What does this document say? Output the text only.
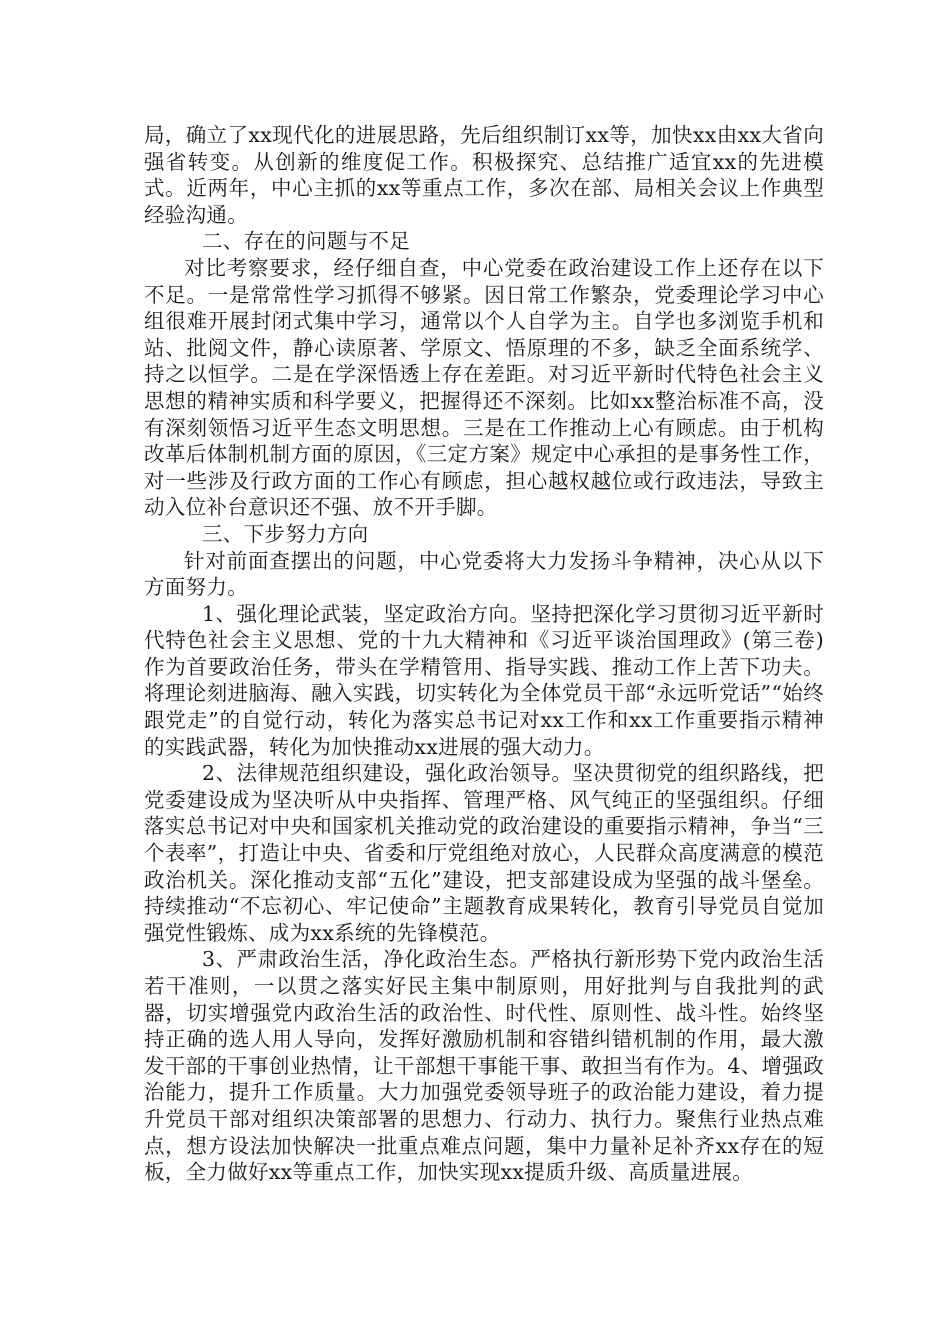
局，确立了xx现代化的进展思路，先后组织制订xx等，加快xx由xx大省向强省转变。从创新的维度促工作。积极探究、总结推广适宜xx的先进模式。近两年，中心主抓的xx等重点工作，多次在部、局相关会议上作典型经验沟通。

二、存在的问题与不足

对比考察要求，经仔细自查，中心党委在政治建设工作上还存在以下不足。一是常常性学习抓得不够紧。因日常工作繁杂，党委理论学习中心组很难开展封闭式集中学习，通常以个人自学为主。自学也多浏览手机和站、批阅文件，静心读原著、学原文、悟原理的不多，缺乏全面系统学、持之以恒学。二是在学深悟透上存在差距。对习近平新时代特色社会主义思想的精神实质和科学要义，把握得还不深刻。比如xx整治标准不高，没有深刻领悟习近平生态文明思想。三是在工作推动上心有顾虑。由于机构改革后体制机制方面的原因，《三定方案》规定中心承担的是事务性工作，对一些涉及行政方面的工作心有顾虑，担心越权越位或行政违法，导致主动入位补台意识还不强、放不开手脚。

三、下步努力方向

针对前面查摆出的问题，中心党委将大力发扬斗争精神，决心从以下方面努力。

1、强化理论武装，坚定政治方向。坚持把深化学习贯彻习近平新时代特色社会主义思想、党的十九大精神和《习近平谈治国理政》(第三卷)作为首要政治任务，带头在学精管用、指导实践、推动工作上苦下功夫。将理论刻进脑海、融入实践，切实转化为全体党员干部“永远听党话”“始终跟党走”的自觉行动，转化为落实总书记对xx工作和xx工作重要指示精神的实践武器，转化为加快推动xx进展的强大动力。

2、法律规范组织建设，强化政治领导。坚决贯彻党的组织路线，把党委建设成为坚决听从中央指挥、管理严格、风气纯正的坚强组织。仔细落实总书记对中央和国家机关推动党的政治建设的重要指示精神，争当“三个表率”，打造让中央、省委和厅党组绝对放心，人民群众高度满意的模范政治机关。深化推动支部“五化”建设，把支部建设成为坚强的战斗堡垒。持续推动“不忘初心、牢记使命”主题教育成果转化，教育引导党员自觉加强党性锻炼、成为xx系统的先锋模范。

3、严肃政治生活，净化政治生态。严格执行新形势下党内政治生活若干准则，一以贯之落实好民主集中制原则，用好批判与自我批判的武器，切实增强党内政治生活的政治性、时代性、原则性、战斗性。始终坚持正确的选人用人导向，发挥好激励机制和容错纠错机制的作用，最大激发干部的干事创业热情，让干部想干事能干事、敢担当有作为。4、增强政治能力，提升工作质量。大力加强党委领导班子的政治能力建设，着力提升党员干部对组织决策部署的思想力、行动力、执行力。聚焦行业热点难点，想方设法加快解决一批重点难点问题，集中力量补足补齐xx存在的短板，全力做好xx等重点工作，加快实现xx提质升级、高质量进展。
